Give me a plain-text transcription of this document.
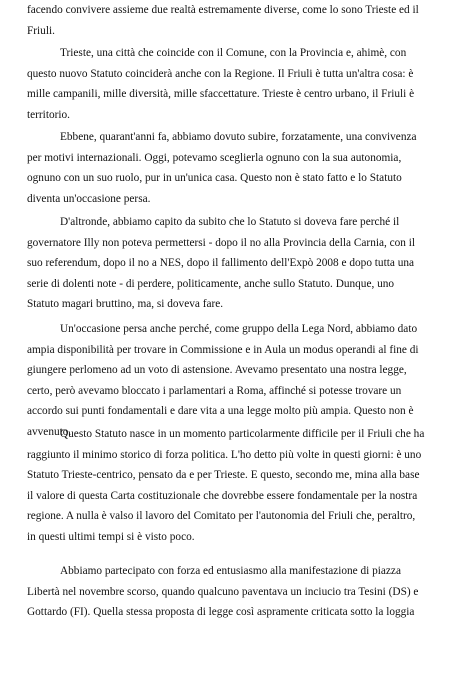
facendo convivere assieme due realtà estremamente diverse, come lo sono Trieste ed il
Friuli.
Trieste, una città che coincide con il Comune, con la Provincia e, ahimè, con
questo nuovo Statuto coinciderà anche con la Regione. Il Friuli è tutta un'altra cosa: è
mille campanili, mille diversità, mille sfaccettature. Trieste è centro urbano, il Friuli è
territorio.
Ebbene, quarant'anni fa, abbiamo dovuto subire, forzatamente, una convivenza
per motivi internazionali. Oggi, potevamo sceglierla ognuno con la sua autonomia,
ognuno con un suo ruolo, pur in un'unica casa. Questo non è stato fatto e lo Statuto
diventa un'occasione persa.
D'altronde, abbiamo capito da subito che lo Statuto si doveva fare perché il
governatore Illy non poteva permettersi - dopo il no alla Provincia della Carnia, con il
suo referendum, dopo il no a NES, dopo il fallimento dell'Expò 2008 e dopo tutta una
serie di dolenti note - di perdere, politicamente, anche sullo Statuto. Dunque, uno
Statuto magari bruttino, ma, si doveva fare.
Un'occasione persa anche perché, come gruppo della Lega Nord, abbiamo dato
ampia disponibilità per trovare in Commissione e in Aula un modus operandi al fine di
giungere perlomeno ad un voto di astensione. Avevamo presentato una nostra legge,
certo, però avevamo bloccato i parlamentari a Roma, affinché si potesse trovare un
accordo sui punti fondamentali e dare vita a una legge molto più ampia. Questo non è
avvenuto.
Questo Statuto nasce in un momento particolarmente difficile per il Friuli che ha
raggiunto il minimo storico di forza politica. L'ho detto più volte in questi giorni: è uno
Statuto Trieste-centrico, pensato da e per Trieste. E questo, secondo me, mina alla base
il valore di questa Carta costituzionale che dovrebbe essere fondamentale per la nostra
regione. A nulla è valso il lavoro del Comitato per l'autonomia del Friuli che, peraltro,
in questi ultimi tempi si è visto poco.
Abbiamo partecipato con forza ed entusiasmo alla manifestazione di piazza
Libertà nel novembre scorso, quando qualcuno paventava un inciucio tra Tesini (DS) e
Gottardo (FI). Quella stessa proposta di legge così aspramente criticata sotto la loggia
